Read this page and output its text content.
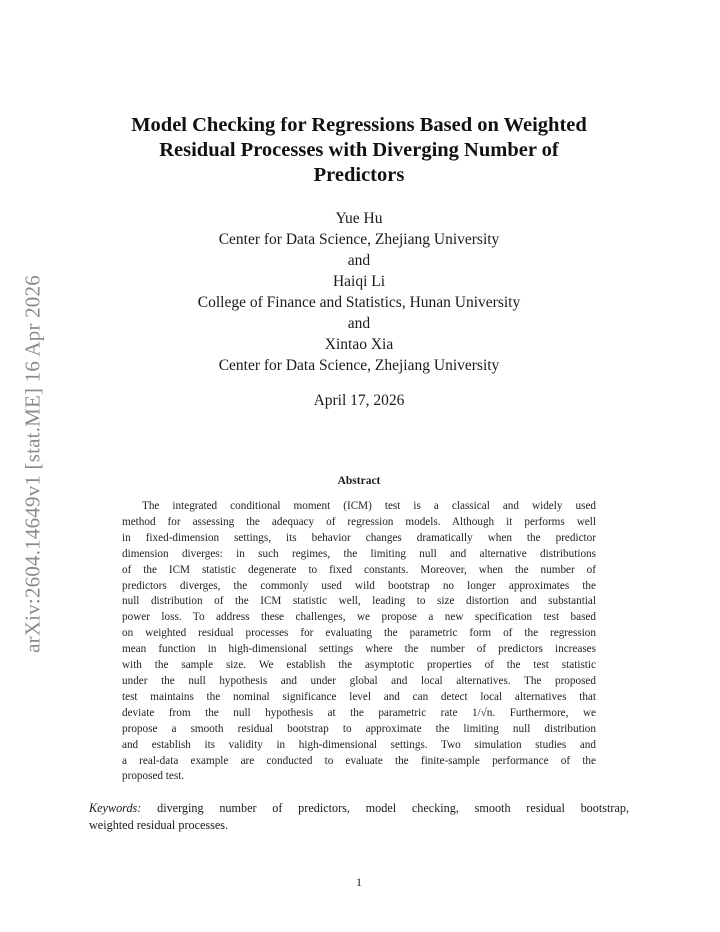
arXiv:2604.14649v1 [stat.ME] 16 Apr 2026
Model Checking for Regressions Based on Weighted
Residual Processes with Diverging Number of
Predictors
Yue Hu
Center for Data Science, Zhejiang University
and
Haiqi Li
College of Finance and Statistics, Hunan University
and
Xintao Xia
Center for Data Science, Zhejiang University
April 17, 2026
Abstract
The integrated conditional moment (ICM) test is a classical and widely used
method for assessing the adequacy of regression models. Although it performs well
in fixed-dimension settings, its behavior changes dramatically when the predictor
dimension diverges: in such regimes, the limiting null and alternative distributions
of the ICM statistic degenerate to fixed constants. Moreover, when the number of
predictors diverges, the commonly used wild bootstrap no longer approximates the
null distribution of the ICM statistic well, leading to size distortion and substantial
power loss. To address these challenges, we propose a new specification test based
on weighted residual processes for evaluating the parametric form of the regression
mean function in high-dimensional settings where the number of predictors increases
with the sample size. We establish the asymptotic properties of the test statistic
under the null hypothesis and under global and local alternatives. The proposed
test maintains the nominal significance level and can detect local alternatives that
deviate from the null hypothesis at the parametric rate 1/√n. Furthermore, we
propose a smooth residual bootstrap to approximate the limiting null distribution
and establish its validity in high-dimensional settings. Two simulation studies and
a real-data example are conducted to evaluate the finite-sample performance of the
proposed test.
Keywords: diverging number of predictors, model checking, smooth residual bootstrap,
weighted residual processes.
1
